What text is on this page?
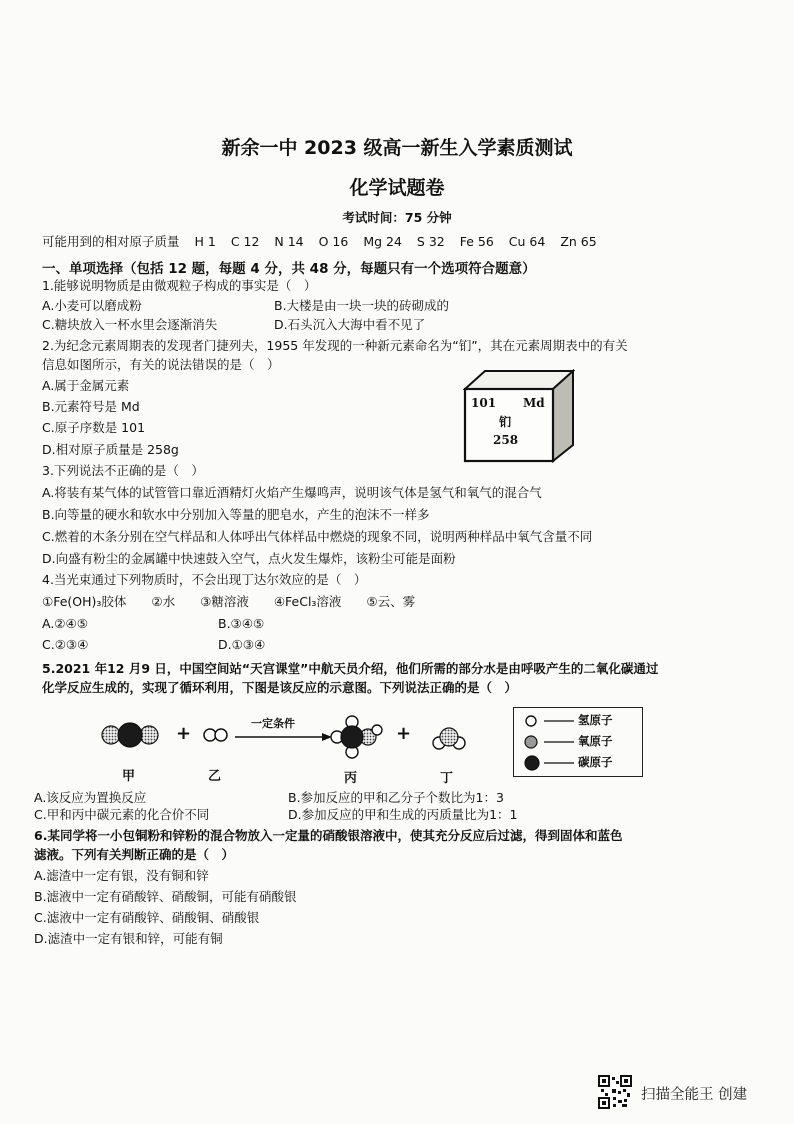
新余一中 2023 级高一新生入学素质测试
化学试题卷
考试时间：75 分钟
可能用到的相对原子质量 H 1 C 12 N 14 O 16 Mg 24 S 32 Fe 56 Cu 64 Zn 65
一、单项选择（包括 12 题，每题 4 分，共 48 分，每题只有一个选项符合题意）
1.能够说明物质是由微观粒子构成的事实是（　）
A.小麦可以磨成粉	B.大楼是由一块一块的砖砌成的
C.糖块放入一杯水里会逐渐消失	D.石头沉入大海中看不见了
2.为纪念元素周期表的发现者门捷列夫，1955 年发现的一种新元素命名为“钔”，其在元素周期表中的有关
信息如图所示，有关的说法错误的是（　）
A.属于金属元素
B.元素符号是 Md
C.原子序数是 101
D.相对原子质量是 258g
101 Md
钔
258
3.下列说法不正确的是（　）
A.将装有某气体的试管管口靠近酒精灯火焰产生爆鸣声，说明该气体是氢气和氧气的混合气
B.向等量的硬水和软水中分别加入等量的肥皂水，产生的泡沫不一样多
C.燃着的木条分别在空气样品和人体呼出气体样品中燃烧的现象不同，说明两种样品中氧气含量不同
D.向盛有粉尘的金属罐中快速鼓入空气，点火发生爆炸，该粉尘可能是面粉
4.当光束通过下列物质时，不会出现丁达尔效应的是（　）
①Fe(OH)₃胶体　　②水　　③糖溶液　　④FeCl₃溶液　　⑤云、雾
A.②④⑤	B.③④⑤
C.②③④	D.①③④
5.2021 年12 月9 日，中国空间站“天宫课堂”中航天员介绍，他们所需的部分水是由呼吸产生的二氧化碳通过
化学反应生成的，实现了循环利用，下图是该反应的示意图。下列说法正确的是（　）
+	+
一定条件
甲	乙	丙	丁
氢原子
氧原子
碳原子
A.该反应为置换反应	B.参加反应的甲和乙分子个数比为1：3
C.甲和丙中碳元素的化合价不同	D.参加反应的甲和生成的丙质量比为1：1
6.某同学将一小包铜粉和锌粉的混合物放入一定量的硝酸银溶液中，使其充分反应后过滤，得到固体和蓝色
滤液。下列有关判断正确的是（　）
A.滤渣中一定有银，没有铜和锌
B.滤液中一定有硝酸锌、硝酸铜，可能有硝酸银
C.滤液中一定有硝酸锌、硝酸铜、硝酸银
D.滤渣中一定有银和锌，可能有铜
扫描全能王 创建
